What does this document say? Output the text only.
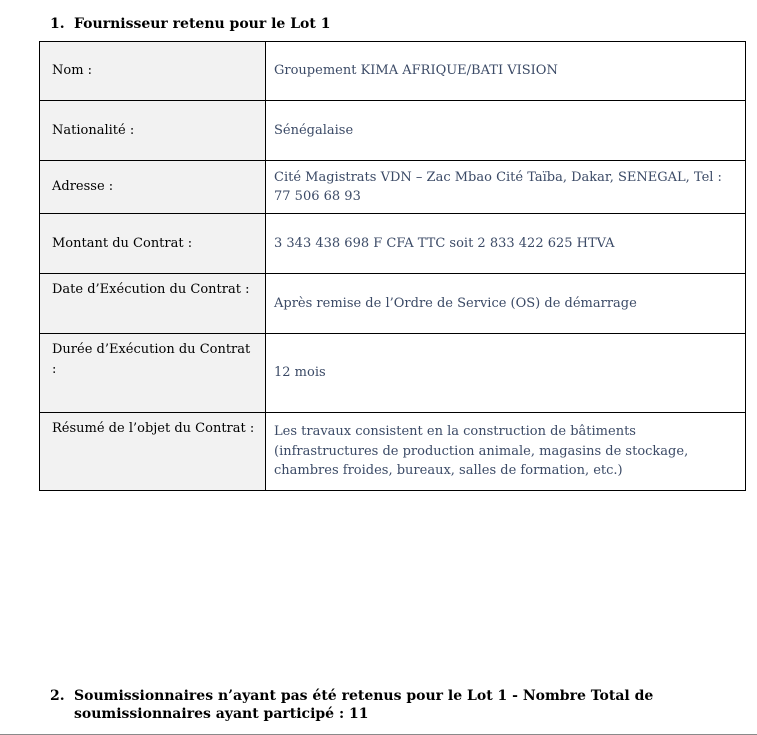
1. Fournisseur retenu pour le Lot 1
Nom :	Groupement KIMA AFRIQUE/BATI VISION
Nationalité :	Sénégalaise
Adresse :	Cité Magistrats VDN – Zac Mbao Cité Taïba, Dakar, SENEGAL, Tel : 77 506 68 93
Montant du Contrat :	3 343 438 698 F CFA TTC soit 2 833 422 625 HTVA
Date d’Exécution du Contrat :	Après remise de l’Ordre de Service (OS) de démarrage
Durée d’Exécution du Contrat :	12 mois
Résumé de l’objet du Contrat :	Les travaux consistent en la construction de bâtiments (infrastructures de production animale, magasins de stockage, chambres froides, bureaux, salles de formation, etc.)
2. Soumissionnaires n’ayant pas été retenus pour le Lot 1 - Nombre Total de soumissionnaires ayant participé : 11
